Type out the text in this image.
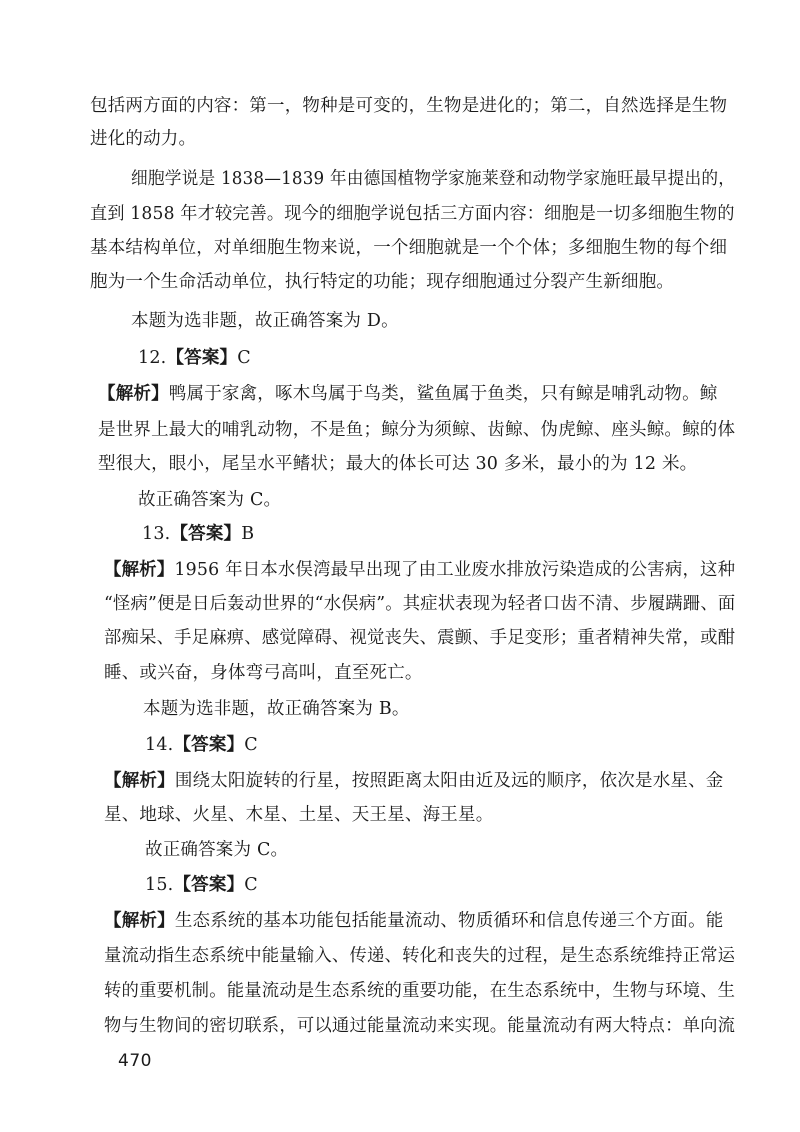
包括两方面的内容：第一，物种是可变的，生物是进化的；第二，自然选择是生物
进化的动力。
细胞学说是 1838—1839 年由德国植物学家施莱登和动物学家施旺最早提出的，
直到 1858 年才较完善。现今的细胞学说包括三方面内容：细胞是一切多细胞生物的
基本结构单位，对单细胞生物来说，一个细胞就是一个个体；多细胞生物的每个细
胞为一个生命活动单位，执行特定的功能；现存细胞通过分裂产生新细胞。
本题为选非题，故正确答案为 D。
12.【答案】C
【解析】鸭属于家禽，啄木鸟属于鸟类，鲨鱼属于鱼类，只有鲸是哺乳动物。鲸
是世界上最大的哺乳动物，不是鱼；鲸分为须鲸、齿鲸、伪虎鲸、座头鲸。鲸的体
型很大，眼小，尾呈水平鳍状；最大的体长可达 30 多米，最小的为 12 米。
故正确答案为 C。
13.【答案】B
【解析】1956 年日本水俣湾最早出现了由工业废水排放污染造成的公害病，这种
“怪病”便是日后轰动世界的“水俣病”。其症状表现为轻者口齿不清、步履蹒跚、面
部痴呆、手足麻痹、感觉障碍、视觉丧失、震颤、手足变形；重者精神失常，或酣
睡、或兴奋，身体弯弓高叫，直至死亡。
本题为选非题，故正确答案为 B。
14.【答案】C
【解析】围绕太阳旋转的行星，按照距离太阳由近及远的顺序，依次是水星、金
星、地球、火星、木星、土星、天王星、海王星。
故正确答案为 C。
15.【答案】C
【解析】生态系统的基本功能包括能量流动、物质循环和信息传递三个方面。能
量流动指生态系统中能量输入、传递、转化和丧失的过程，是生态系统维持正常运
转的重要机制。能量流动是生态系统的重要功能，在生态系统中，生物与环境、生
物与生物间的密切联系，可以通过能量流动来实现。能量流动有两大特点：单向流
470
